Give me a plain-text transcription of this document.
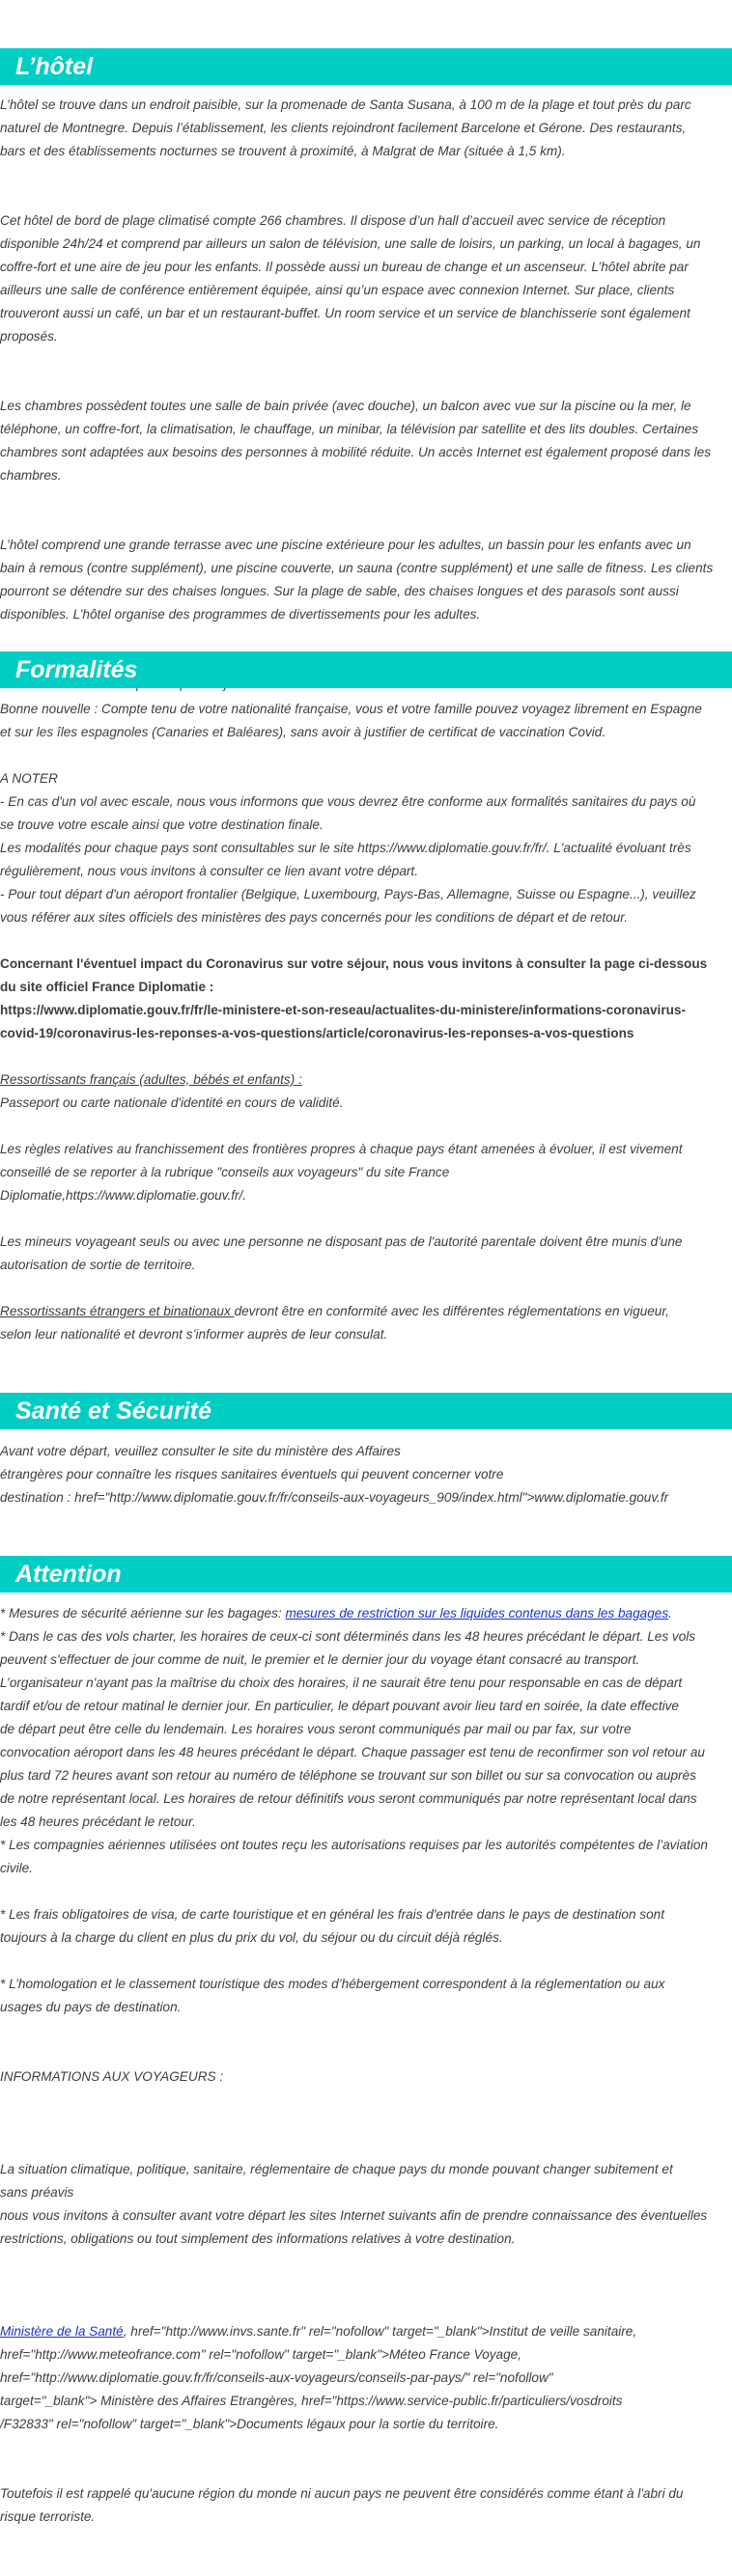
L’hôtel
L’hôtel se trouve dans un endroit paisible, sur la promenade de Santa Susana, à 100 m de la plage et tout près du parc
naturel de Montnegre. Depuis l’établissement, les clients rejoindront facilement Barcelone et Gérone. Des restaurants,
bars et des établissements nocturnes se trouvent à proximité, à Malgrat de Mar (située à 1,5 km).
Cet hôtel de bord de plage climatisé compte 266 chambres. Il dispose d’un hall d’accueil avec service de réception
disponible 24h/24 et comprend par ailleurs un salon de télévision, une salle de loisirs, un parking, un local à bagages, un
coffre-fort et une aire de jeu pour les enfants. Il possède aussi un bureau de change et un ascenseur. L’hôtel abrite par
ailleurs une salle de conférence entièrement équipée, ainsi qu’un espace avec connexion Internet. Sur place, clients
trouveront aussi un café, un bar et un restaurant-buffet. Un room service et un service de blanchisserie sont également
proposés.
Les chambres possèdent toutes une salle de bain privée (avec douche), un balcon avec vue sur la piscine ou la mer, le
téléphone, un coffre-fort, la climatisation, le chauffage, un minibar, la télévision par satellite et des lits doubles. Certaines
chambres sont adaptées aux besoins des personnes à mobilité réduite. Un accès Internet est également proposé dans les
chambres.
L’hôtel comprend une grande terrasse avec une piscine extérieure pour les adultes, un bassin pour les enfants avec un
bain à remous (contre supplément), une piscine couverte, un sauna (contre supplément) et une salle de fitness. Les clients
pourront se détendre sur des chaises longues. Sur la plage de sable, des chaises longues et des parasols sont aussi
disponibles. L’hôtel organise des programmes de divertissements pour les adultes.
Formalités
Bonne nouvelle : Compte tenu de votre nationalité française, vous et votre famille pouvez voyagez librement en Espagne
et sur les îles espagnoles (Canaries et Baléares), sans avoir à justifier de certificat de vaccination Covid.
A NOTER
- En cas d'un vol avec escale, nous vous informons que vous devrez être conforme aux formalités sanitaires du pays où
se trouve votre escale ainsi que votre destination finale.
Les modalités pour chaque pays sont consultables sur le site https://www.diplomatie.gouv.fr/fr/. L'actualité évoluant très
régulièrement, nous vous invitons à consulter ce lien avant votre départ.
- Pour tout départ d'un aéroport frontalier (Belgique, Luxembourg, Pays-Bas, Allemagne, Suisse ou Espagne...), veuillez
vous référer aux sites officiels des ministères des pays concernés pour les conditions de départ et de retour.
Concernant l'éventuel impact du Coronavirus sur votre séjour, nous vous invitons à consulter la page ci-dessous
du site officiel France Diplomatie :
https://www.diplomatie.gouv.fr/fr/le-ministere-et-son-reseau/actualites-du-ministere/informations-coronavirus-
covid-19/coronavirus-les-reponses-a-vos-questions/article/coronavirus-les-reponses-a-vos-questions
Ressortissants français (adultes, bébés et enfants) :
Passeport ou carte nationale d'identité en cours de validité.
Les règles relatives au franchissement des frontières propres à chaque pays étant amenées à évoluer, il est vivement
conseillé de se reporter à la rubrique "conseils aux voyageurs" du site France
Diplomatie,https://www.diplomatie.gouv.fr/.
Les mineurs voyageant seuls ou avec une personne ne disposant pas de l'autorité parentale doivent être munis d'une
autorisation de sortie de territoire.
Ressortissants étrangers et binationaux devront être en conformité avec les différentes réglementations en vigueur,
selon leur nationalité et devront s’informer auprès de leur consulat.
Santé et Sécurité
Avant votre départ, veuillez consulter le site du ministère des Affaires
étrangères pour connaître les risques sanitaires éventuels qui peuvent concerner votre
destination : href="http://www.diplomatie.gouv.fr/fr/conseils-aux-voyageurs_909/index.html">www.diplomatie.gouv.fr
Attention
* Mesures de sécurité aérienne sur les bagages: mesures de restriction sur les liquides contenus dans les bagages.
* Dans le cas des vols charter, les horaires de ceux-ci sont déterminés dans les 48 heures précédant le départ. Les vols
peuvent s'effectuer de jour comme de nuit, le premier et le dernier jour du voyage étant consacré au transport.
L’organisateur n'ayant pas la maîtrise du choix des horaires, il ne saurait être tenu pour responsable en cas de départ
tardif et/ou de retour matinal le dernier jour. En particulier, le départ pouvant avoir lieu tard en soirée, la date effective
de départ peut être celle du lendemain. Les horaires vous seront communiqués par mail ou par fax, sur votre
convocation aéroport dans les 48 heures précédant le départ. Chaque passager est tenu de reconfirmer son vol retour au
plus tard 72 heures avant son retour au numéro de téléphone se trouvant sur son billet ou sur sa convocation ou auprès
de notre représentant local. Les horaires de retour définitifs vous seront communiqués par notre représentant local dans
les 48 heures précédant le retour.
* Les compagnies aériennes utilisées ont toutes reçu les autorisations requises par les autorités compétentes de l’aviation
civile.
* Les frais obligatoires de visa, de carte touristique et en général les frais d'entrée dans le pays de destination sont
toujours à la charge du client en plus du prix du vol, du séjour ou du circuit déjà réglés.
* L’homologation et le classement touristique des modes d’hébergement correspondent à la réglementation ou aux
usages du pays de destination.
INFORMATIONS AUX VOYAGEURS :
La situation climatique, politique, sanitaire, réglementaire de chaque pays du monde pouvant changer subitement et
sans préavis
nous vous invitons à consulter avant votre départ les sites Internet suivants afin de prendre connaissance des éventuelles
restrictions, obligations ou tout simplement des informations relatives à votre destination.
Ministère de la Santé, href="http://www.invs.sante.fr" rel="nofollow" target="_blank">Institut de veille sanitaire,
href="http://www.meteofrance.com" rel="nofollow" target="_blank">Méteo France Voyage,
href="http://www.diplomatie.gouv.fr/fr/conseils-aux-voyageurs/conseils-par-pays/" rel="nofollow"
target="_blank"> Ministère des Affaires Etrangères, href="https://www.service-public.fr/particuliers/vosdroits
/F32833" rel="nofollow" target="_blank">Documents légaux pour la sortie du territoire.
Toutefois il est rappelé qu'aucune région du monde ni aucun pays ne peuvent être considérés comme étant à l'abri du
risque terroriste.
